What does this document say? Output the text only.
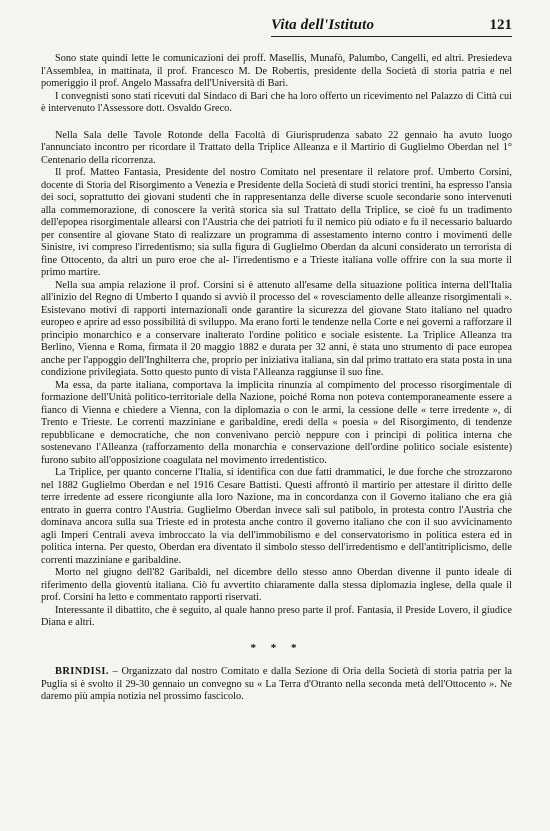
Vita dell'Istituto	121

Sono state quindi lette le comunicazioni dei proff. Masellis, Munafò, Palumbo, Cangelli, ed altri. Presiedeva l'Assemblea, in mattinata, il prof. Francesco M. De Robertis, presidente della Società di storia patria e nel pomeriggio il prof. Angelo Massafra dell'Università di Bari.

I convegnisti sono stati ricevuti dal Sindaco di Bari che ha loro offerto un ricevimento nel Palazzo di Città cui è intervenuto l'Assessore dott. Osvaldo Greco.

Nella Sala delle Tavole Rotonde della Facoltà di Giurisprudenza sabato 22 gennaio ha avuto luogo l'annunciato incontro per ricordare il Trattato della Triplice Alleanza e il Martirio di Guglielmo Oberdan nel 1° Centenario della ricorrenza.

Il prof. Matteo Fantasia, Presidente del nostro Comitato nel presentare il relatore prof. Umberto Corsini, docente di Storia del Risorgimento a Venezia e Presidente della Società di studi storici trentini, ha espresso l'ansia dei soci, soprattutto dei giovani studenti che in rappresentanza delle diverse scuole secondarie sono intervenuti alla commemorazione, di conoscere la verità storica sia sul Trattato della Triplice, se cioè fu un tradimento dell'epopea risorgimentale allearsi con l'Austria che dei patrioti fu il nemico più odiato e fu il necessario baluardo per consentire al giovane Stato di realizzare un programma di assestamento interno contro i movimenti delle Sinistre, ivi compreso l'irredentismo; sia sulla figura di Guglielmo Oberdan da alcuni considerato un terrorista di fine Ottocento, da altri un puro eroe che al- l'irredentismo e a Trieste italiana volle offrire con la sua morte il primo martire.

Nella sua ampia relazione il prof. Corsini si è attenuto all'esame della situazione politica interna dell'Italia all'inizio del Regno di Umberto I quando si avviò il processo del « rovesciamento delle alleanze risorgimentali ». Esistevano motivi di rapporti internazionali onde garantire la sicurezza del giovane Stato italiano nel quadro europeo e aprire ad esso possibilità di sviluppo. Ma erano forti le tendenze nella Corte e nei governi a rafforzare il principio monarchico e a conservare inalterato l'ordine politico e sociale esistente. La Triplice Alleanza tra Berlino, Vienna e Roma, firmata il 20 maggio 1882 e durata per 32 anni, è stata uno strumento di pace europea anche per l'appoggio dell'Inghilterra che, proprio per iniziativa italiana, sin dal primo trattato era stata posta in una condizione privilegiata. Sotto questo punto di vista l'Alleanza raggiunse il suo fine.

Ma essa, da parte italiana, comportava la implicita rinunzia al compimento del processo risorgimentale di formazione dell'Unità politico-territoriale della Nazione, poiché Roma non poteva contemporaneamente essere a fianco di Vienna e chiedere a Vienna, con la diplomazia o con le armi, la cessione delle « terre irredente », di Trento e Trieste. Le correnti mazziniane e garibaldine, eredi della « poesia » del Risorgimento, di tendenze repubblicane e democratiche, che non convenivano perciò neppure con i principi di politica interna che sostenevano l'Alleanza (rafforzamento della monarchia e conservazione dell'ordine politico sociale esistente) furono subito all'opposizione coagulata nel movimento irredentistico.

La Triplice, per quanto concerne l'Italia, si identifica con due fatti drammatici, le due forche che strozzarono nel 1882 Guglielmo Oberdan e nel 1916 Cesare Battisti. Questi affrontò il martirio per attestare il diritto delle terre irredente ad essere ricongiunte alla loro Nazione, ma in concordanza con il Governo italiano che era già entrato in guerra contro l'Austria. Guglielmo Oberdan invece salì sul patibolo, in protesta contro l'Austria che dominava ancora sulla sua Trieste ed in protesta anche contro il governo italiano che con il suo avvicinamento agli Imperi Centrali aveva imbroccato la via dell'immobilismo e del conservatorismo in politica estera ed in politica interna. Per questo, Oberdan era diventato il simbolo stesso dell'irredentismo e dell'antitriplicismo, delle correnti mazziniane e garibaldine.

Morto nel giugno dell'82 Garibaldi, nel dicembre dello stesso anno Oberdan divenne il punto ideale di riferimento della gioventù italiana. Ciò fu avvertito chiaramente dalla stessa diplomazia inglese, della quale il prof. Corsini ha letto e commentato rapporti riservati.

Interessante il dibattito, che è seguito, al quale hanno preso parte il prof. Fantasia, il Preside Lovero, il giudice Diana e altri.

* * *

BRINDISI. – Organizzato dal nostro Comitato e dalla Sezione di Oria della Società di storia patria per la Puglia si è svolto il 29-30 gennaio un convegno su « La Terra d'Otranto nella seconda metà dell'Ottocento ». Ne daremo più ampia notizia nel prossimo fascicolo.
